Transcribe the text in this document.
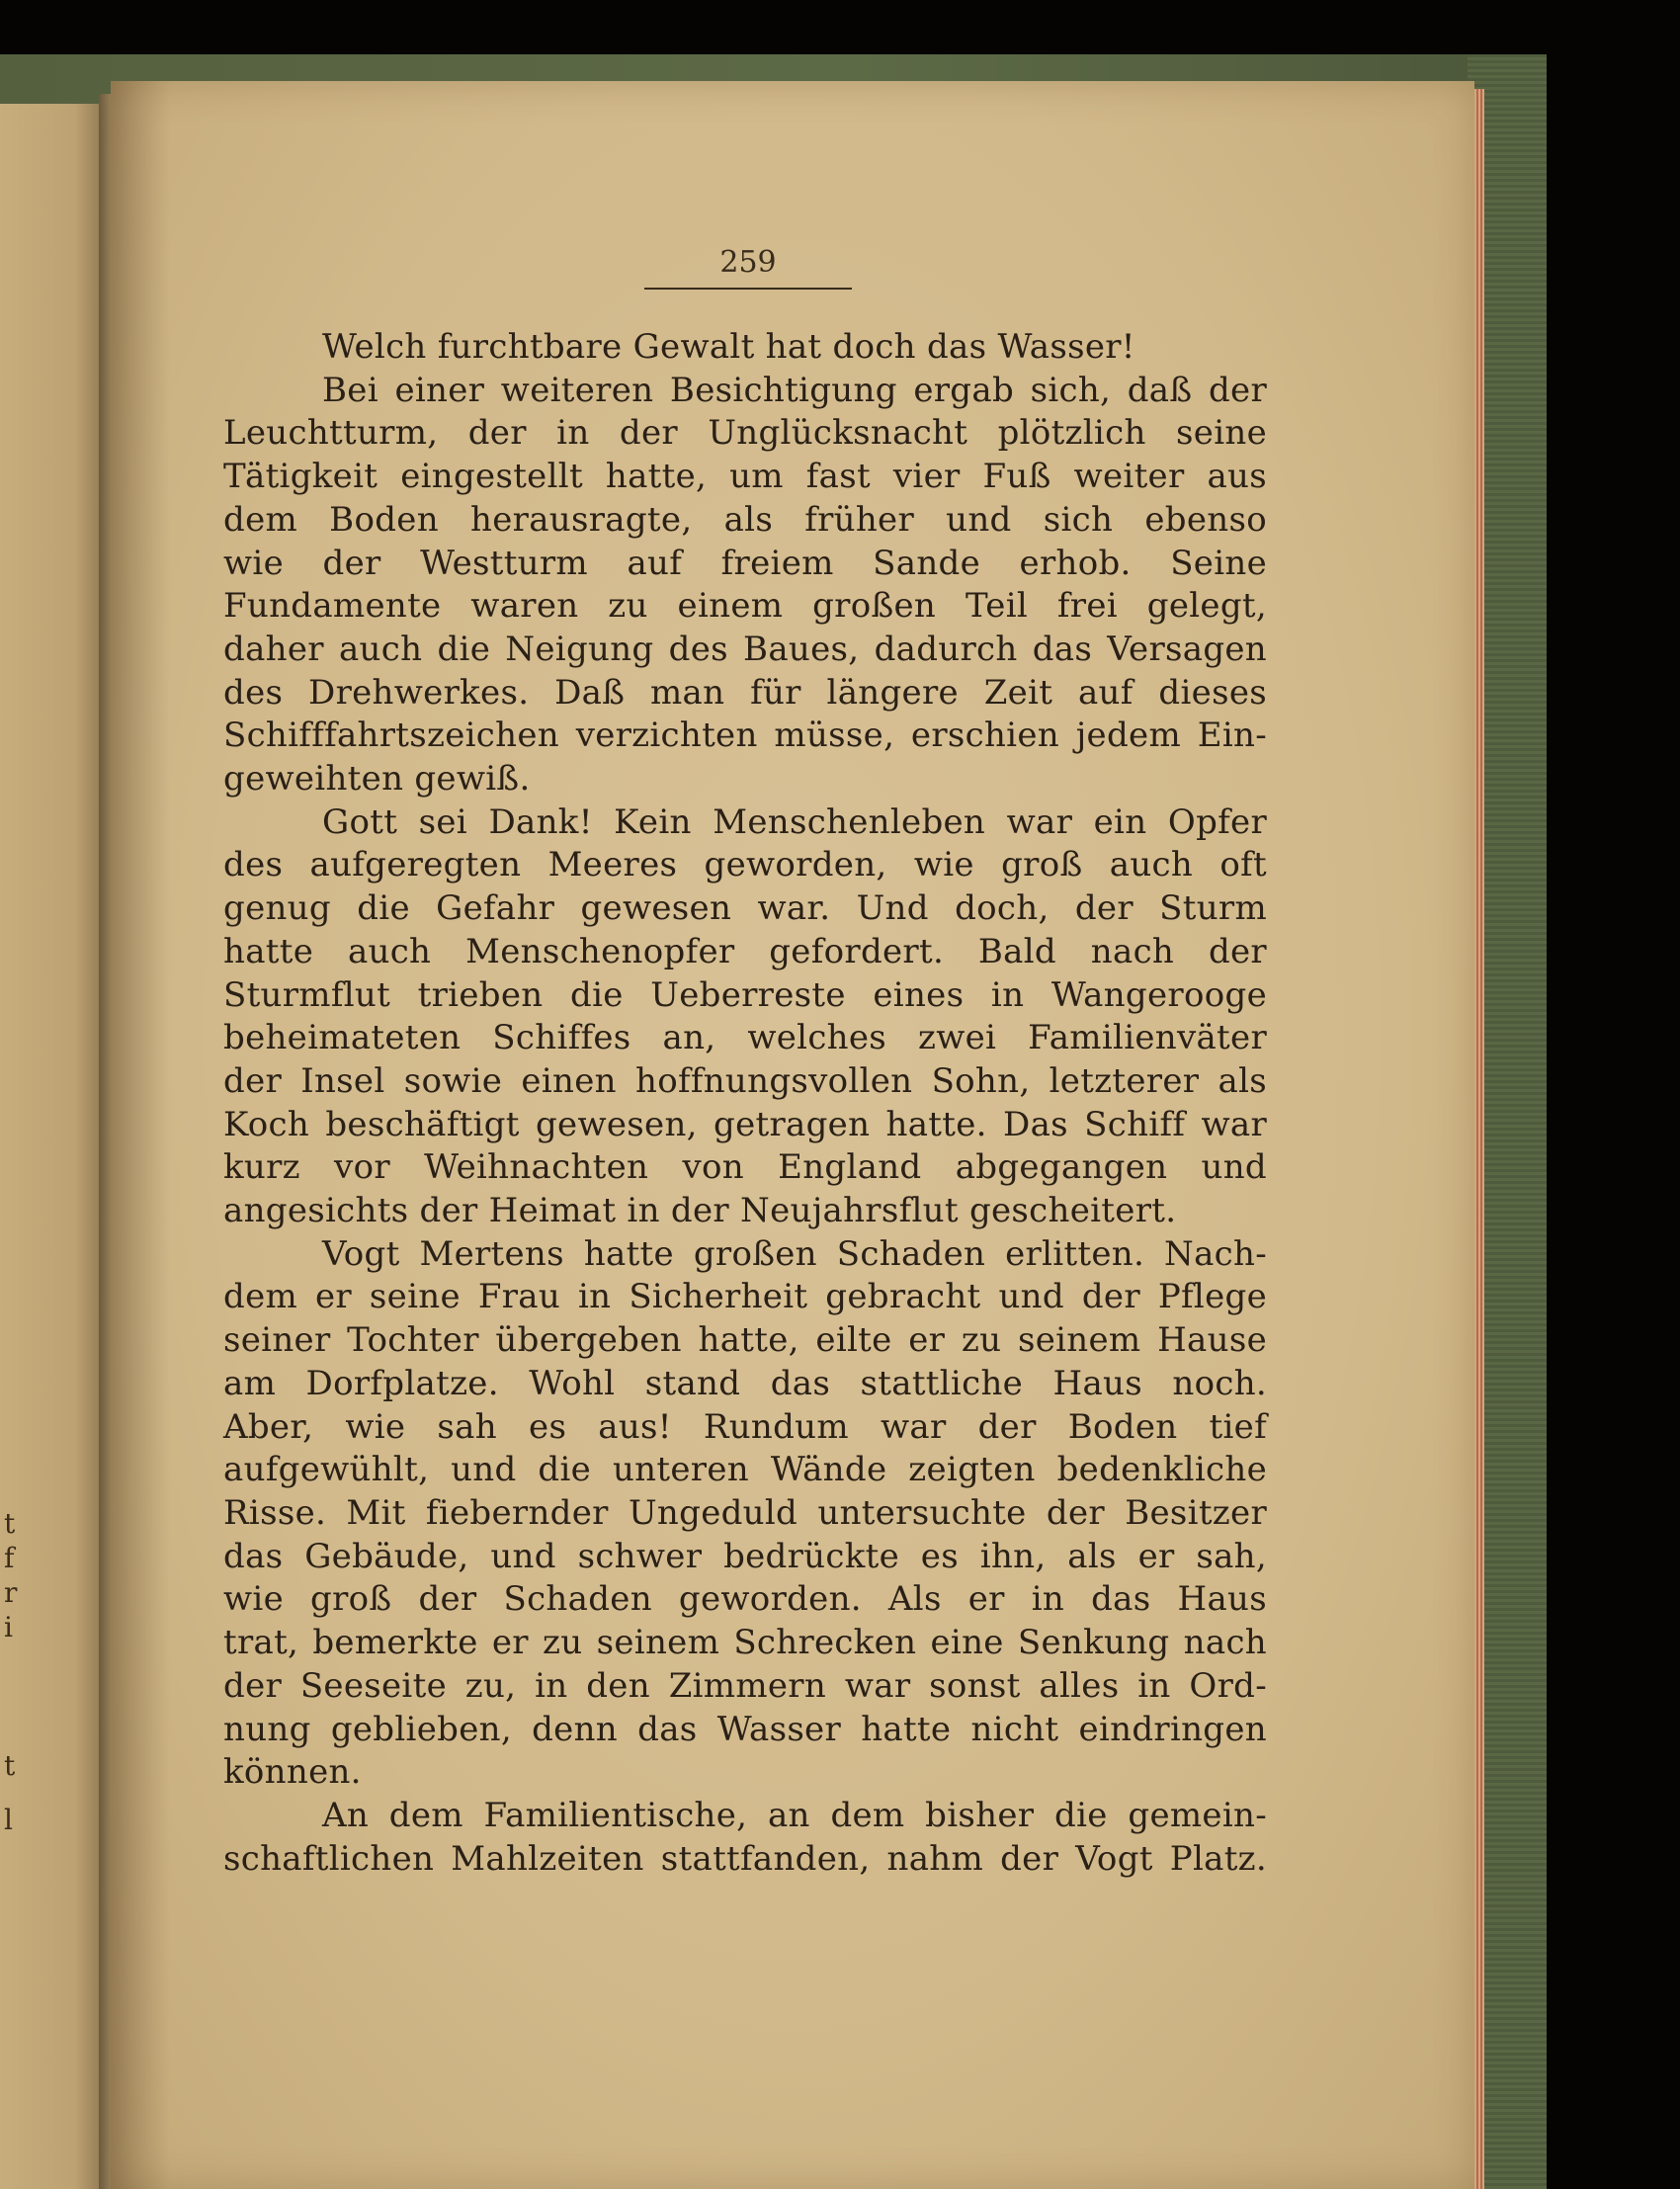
t
f
r
i
t
l
259
Welch furchtbare Gewalt hat doch das Wasser!
Bei einer weiteren Besichtigung ergab sich, daß der
Leuchtturm, der in der Unglücksnacht plötzlich seine
Tätigkeit eingestellt hatte, um fast vier Fuß weiter aus
dem Boden herausragte, als früher und sich ebenso
wie der Westturm auf freiem Sande erhob. Seine
Fundamente waren zu einem großen Teil frei gelegt,
daher auch die Neigung des Baues, dadurch das Versagen
des Drehwerkes. Daß man für längere Zeit auf dieses
Schifffahrtszeichen verzichten müsse, erschien jedem Ein-
geweihten gewiß.
Gott sei Dank! Kein Menschenleben war ein Opfer
des aufgeregten Meeres geworden, wie groß auch oft
genug die Gefahr gewesen war. Und doch, der Sturm
hatte auch Menschenopfer gefordert. Bald nach der
Sturmflut trieben die Ueberreste eines in Wangerooge
beheimateten Schiffes an, welches zwei Familienväter
der Insel sowie einen hoffnungsvollen Sohn, letzterer als
Koch beschäftigt gewesen, getragen hatte. Das Schiff war
kurz vor Weihnachten von England abgegangen und
angesichts der Heimat in der Neujahrsflut gescheitert.
Vogt Mertens hatte großen Schaden erlitten. Nach-
dem er seine Frau in Sicherheit gebracht und der Pflege
seiner Tochter übergeben hatte, eilte er zu seinem Hause
am Dorfplatze. Wohl stand das stattliche Haus noch.
Aber, wie sah es aus! Rundum war der Boden tief
aufgewühlt, und die unteren Wände zeigten bedenkliche
Risse. Mit fiebernder Ungeduld untersuchte der Besitzer
das Gebäude, und schwer bedrückte es ihn, als er sah,
wie groß der Schaden geworden. Als er in das Haus
trat, bemerkte er zu seinem Schrecken eine Senkung nach
der Seeseite zu, in den Zimmern war sonst alles in Ord-
nung geblieben, denn das Wasser hatte nicht eindringen
können.
An dem Familientische, an dem bisher die gemein-
schaftlichen Mahlzeiten stattfanden, nahm der Vogt Platz.
